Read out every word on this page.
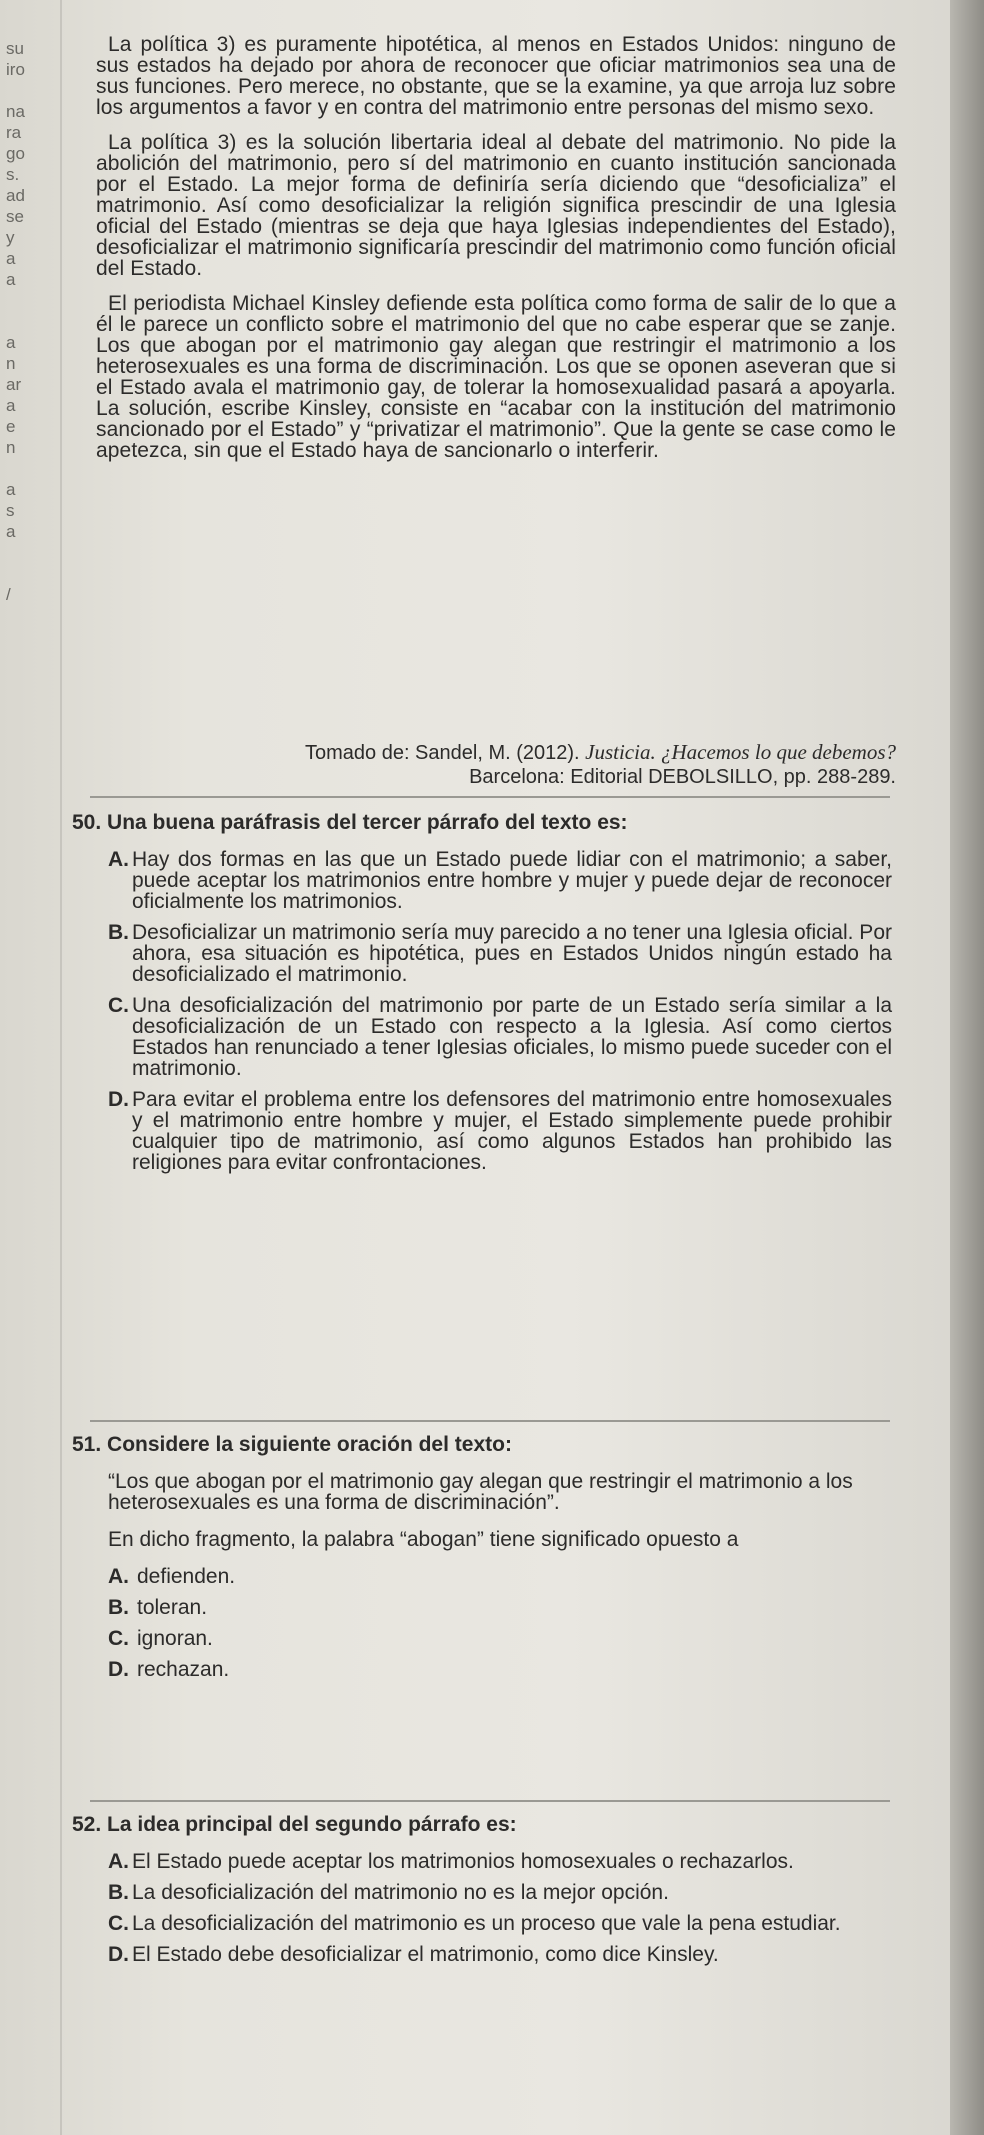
su
iro
na
ra
go
s.
ad
se
y
a
a
a
n
ar
a
e
n
a
s
a
/

La política 3) es puramente hipotética, al menos en Estados Unidos: ninguno de sus estados ha dejado por ahora de reconocer que oficiar matrimonios sea una de sus funciones. Pero merece, no obstante, que se la examine, ya que arroja luz sobre los argumentos a favor y en contra del matrimonio entre personas del mismo sexo.

La política 3) es la solución libertaria ideal al debate del matrimonio. No pide la abolición del matrimonio, pero sí del matrimonio en cuanto institución sancionada por el Estado. La mejor forma de definiría sería diciendo que “desoficializa” el matrimonio. Así como desoficializar la religión significa prescindir de una Iglesia oficial del Estado (mientras se deja que haya Iglesias independientes del Estado), desoficializar el matrimonio significaría prescindir del matrimonio como función oficial del Estado.

El periodista Michael Kinsley defiende esta política como forma de salir de lo que a él le parece un conflicto sobre el matrimonio del que no cabe esperar que se zanje. Los que abogan por el matrimonio gay alegan que restringir el matrimonio a los heterosexuales es una forma de discriminación. Los que se oponen aseveran que si el Estado avala el matrimonio gay, de tolerar la homosexualidad pasará a apoyarla. La solución, escribe Kinsley, consiste en “acabar con la institución del matrimonio sancionado por el Estado” y “privatizar el matrimonio”. Que la gente se case como le apetezca, sin que el Estado haya de sancionarlo o interferir.

Tomado de: Sandel, M. (2012). Justicia. ¿Hacemos lo que debemos?
Barcelona: Editorial DEBOLSILLO, pp. 288-289.
50. Una buena paráfrasis del tercer párrafo del texto es:
A. Hay dos formas en las que un Estado puede lidiar con el matrimonio; a saber, puede aceptar los matrimonios entre hombre y mujer y puede dejar de reconocer oficialmente los matrimonios.
B. Desoficializar un matrimonio sería muy parecido a no tener una Iglesia oficial. Por ahora, esa situación es hipotética, pues en Estados Unidos ningún estado ha desoficializado el matrimonio.
C. Una desoficialización del matrimonio por parte de un Estado sería similar a la desoficialización de un Estado con respecto a la Iglesia. Así como ciertos Estados han renunciado a tener Iglesias oficiales, lo mismo puede suceder con el matrimonio.
D. Para evitar el problema entre los defensores del matrimonio entre homosexuales y el matrimonio entre hombre y mujer, el Estado simplemente puede prohibir cualquier tipo de matrimonio, así como algunos Estados han prohibido las religiones para evitar confrontaciones.
51. Considere la siguiente oración del texto:
“Los que abogan por el matrimonio gay alegan que restringir el matrimonio a los heterosexuales es una forma de discriminación”.
En dicho fragmento, la palabra “abogan” tiene significado opuesto a
A. defienden.
B. toleran.
C. ignoran.
D. rechazan.
52. La idea principal del segundo párrafo es:
A. El Estado puede aceptar los matrimonios homosexuales o rechazarlos.
B. La desoficialización del matrimonio no es la mejor opción.
C. La desoficialización del matrimonio es un proceso que vale la pena estudiar.
D. El Estado debe desoficializar el matrimonio, como dice Kinsley.
